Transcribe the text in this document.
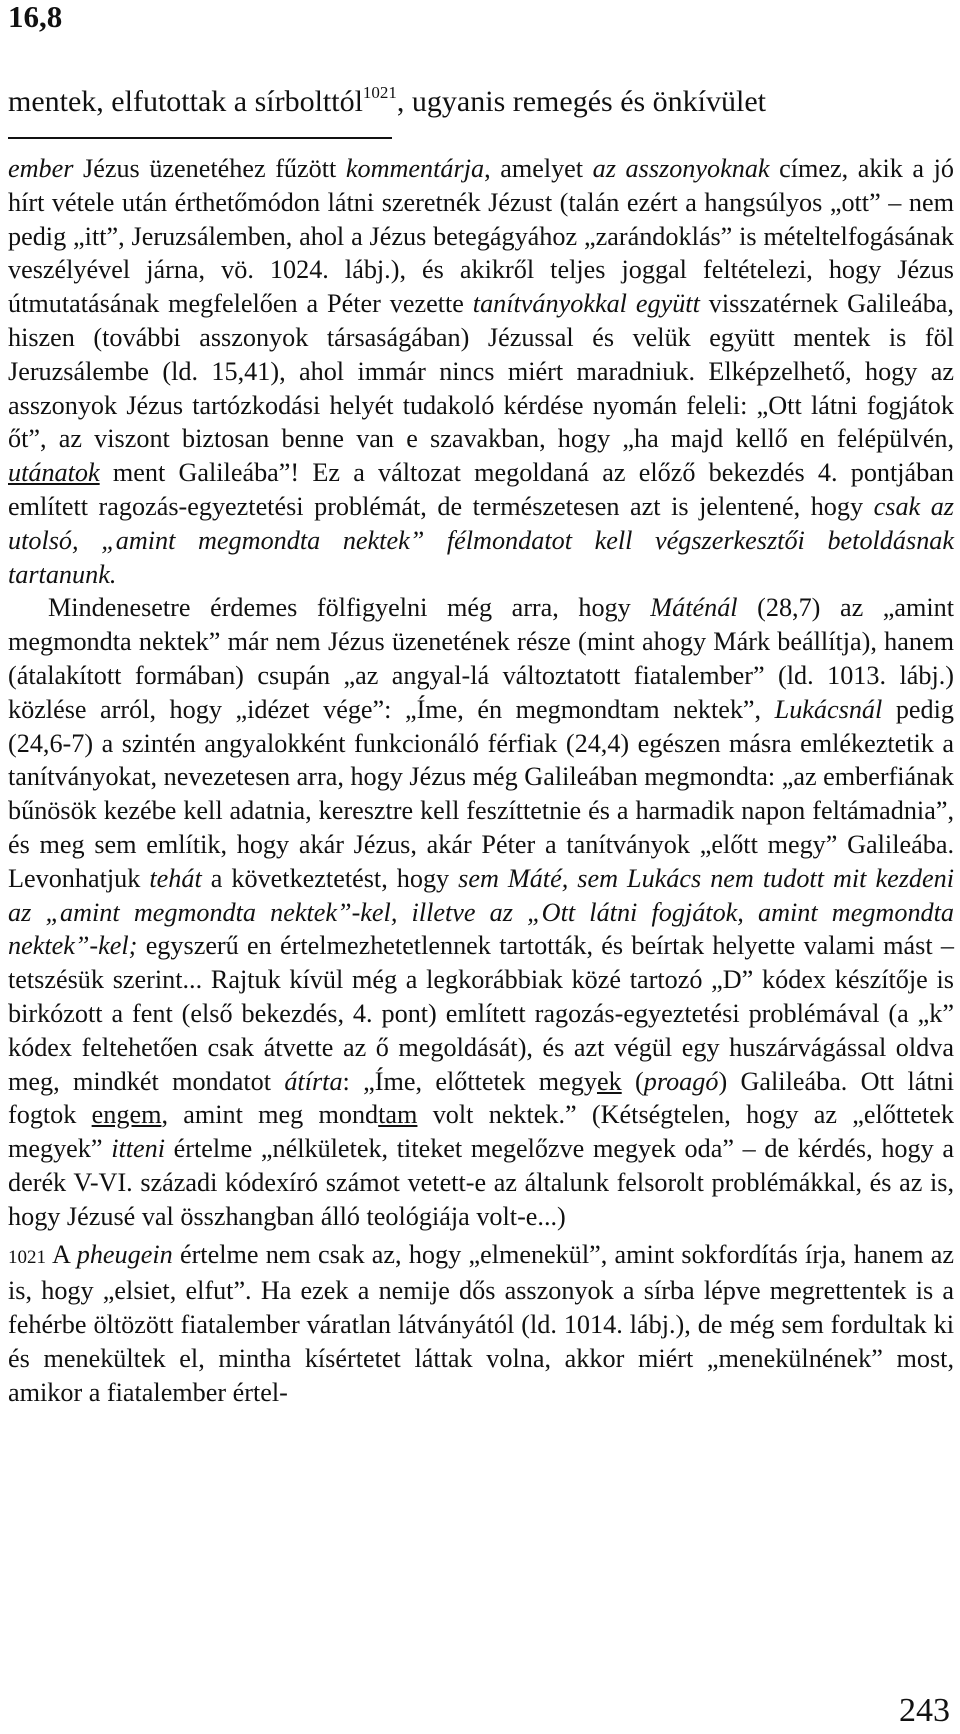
16,8
mentek, elfutottak a sírbolttól$^{1021}$, ugyanis remegés és önkívület

ember Jézus üzenetéhez fűzött kommentárja, amelyet az asszonyoknak címez, akik a jó hírt vétele után érthetőmódon látni szeretnék Jézust (talán ezért a hangsúlyos „ott” – nem pedig „itt”, Jeruzsálemben, ahol a Jézus betegágyához „zarándoklás” is mételtelfogásának veszélyével járna, vö. 1024. lábj.), és akikről teljes joggal feltételezi, hogy Jézus útmutatásának megfelelően a Péter vezette tanítványokkal együtt visszatérnek Galileába, hiszen (további asszonyok társaságában) Jézussal és velük együtt mentek is föl Jeruzsálembe (ld. 15,41), ahol immár nincs miért maradniuk. Elképzelhető, hogy az asszonyok Jézus tartózkodási helyét tudakoló kérdése nyomán feleli: „Ott látni fogjátok őt”, az viszont biztosan benne van e szavakban, hogy „ha majd kellő en felépülvén, utánatok ment Galileába”! Ez a változat megoldaná az előző bekezdés 4. pontjában említett ragozás-egyeztetési problémát, de természetesen azt is jelentené, hogy csak az utolsó, „amint megmondta nektek” félmondatot kell végszerkesztői betoldásnak tartanunk.

Mindenesetre érdemes fölfigyelni még arra, hogy Máténál (28,7) az „amint megmondta nektek” már nem Jézus üzenetének része (mint ahogy Márk beállítja), hanem (átalakított formában) csupán „az angyal-lá változtatott fiatalember” (ld. 1013. lábj.) közlése arról, hogy „idézet vége”: „Íme, én megmondtam nektek”, Lukácsnál pedig (24,6-7) a szintén angyalokként funkcionáló férfiak (24,4) egészen másra emlékeztetik a tanítványokat, nevezetesen arra, hogy Jézus még Galileában megmondta: „az emberfiának bűnösök kezébe kell adatnia, keresztre kell feszíttetnie és a harmadik napon feltámadnia”, és meg sem említik, hogy akár Jézus, akár Péter a tanítványok „előtt megy” Galileába. Levonhatjuk tehát a következtetést, hogy sem Máté, sem Lukács nem tudott mit kezdeni az „amint megmondta nektek”-kel, illetve az „Ott látni fogjátok, amint megmondta nektek”-kel; egyszerű en értelmezhetetlennek tartották, és beírtak helyette valami mást – tetszésük szerint... Rajtuk kívül még a legkorábbiak közé tartozó „D” kódex készítője is birkózott a fent (első bekezdés, 4. pont) említett ragozás-egyeztetési problémával (a „k” kódex feltehetően csak átvette az ő megoldását), és azt végül egy huszárvágással oldva meg, mindkét mondatot átírta: „Íme, előttetek megyek (proagó) Galileába. Ott látni fogtok engem, amint meg mondtam volt nektek.” (Kétségtelen, hogy az „előttetek megyek” itteni értelme „nélkületek, titeket megelőzve megyek oda” – de kérdés, hogy a derék V-VI. századi kódexíró számot vetett-e az általunk felsorolt problémákkal, és az is, hogy Jézusé val összhangban álló teológiája volt-e...)

1021 A pheugein értelme nem csak az, hogy „elmenekül”, amint sokfordítás írja, hanem az is, hogy „elsiet, elfut”. Ha ezek a nemije dős asszonyok a sírba lépve megrettentek is a fehérbe öltözött fiatalember váratlan látványától (ld. 1014. lábj.), de még sem fordultak ki és menekültek el, mintha kísértetet láttak volna, akkor miért „menekülnének” most, amikor a fiatalember értel-

243
